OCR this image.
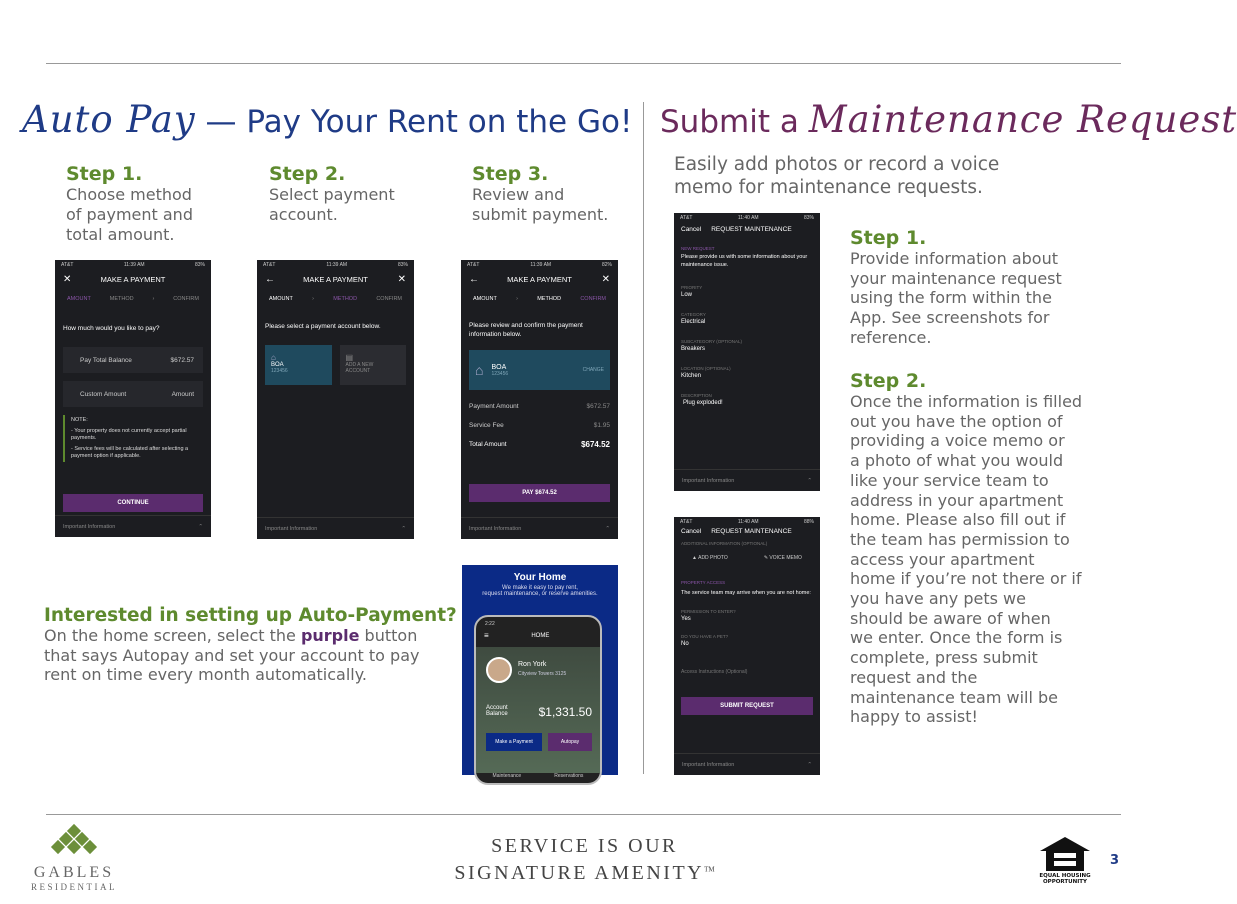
Auto Pay — Pay Your Rent on the Go!
Step 1.
Choose method
of payment and
total amount.
Step 2.
Select payment
account.
Step 3.
Review and
submit payment.
AT&T	11:39 AM	83%
✕	MAKE A PAYMENT
AMOUNT	METHOD	›	CONFIRM
How much would you like to pay?
Pay Total Balance	$672.57
Custom Amount	Amount
NOTE:
- Your property does not currently accept partial payments.
- Service fees will be calculated after selecting a payment option if applicable.
CONTINUE
Important Information	⌃
AT&T	11:39 AM	83%
←	MAKE A PAYMENT	✕
AMOUNT	›	METHOD	CONFIRM
Please select a payment account below.
⌂
BOA
123456
▤
ADD A NEW
ACCOUNT
Important Information	⌃
AT&T	11:39 AM	82%
←	MAKE A PAYMENT	✕
AMOUNT	›	METHOD	CONFIRM
Please review and confirm the payment information below.
⌂ BOA
123456
CHANGE
Payment Amount	$672.57
Service Fee	$1.95
Total Amount	$674.52
PAY $674.52
Important Information	⌃
Interested in setting up Auto-Payment?
On the home screen, select the purple button
that says Autopay and set your account to pay
rent on time every month automatically.
Your Home
We make it easy to pay rent,
request maintenance, or reserve amenities.
2:22
≡	HOME
Ron York
Cityview Towers 3125
Account
Balance	$1,331.50
Make a Payment	Autopay
Maintenance	Reservations
Submit a Maintenance Request
Easily add photos or record a voice
memo for maintenance requests.
AT&T	11:40 AM	83%
Cancel REQUEST MAINTENANCE
NEW REQUEST
Please provide us with some information about your maintenance issue.
PRIORITY
Low
CATEGORY
Electrical
SUBCATEGORY (OPTIONAL)
Breakers
LOCATION (OPTIONAL)
Kitchen
DESCRIPTION
Plug exploded!
Important Information	⌃
AT&T	11:40 AM	88%
Cancel REQUEST MAINTENANCE
ADDITIONAL INFORMATION (OPTIONAL)
▲ ADD PHOTO	✎ VOICE MEMO
PROPERTY ACCESS
The service team may arrive when you are not home:
PERMISSION TO ENTER?
Yes
DO YOU HAVE A PET?
No
Access Instructions (Optional)
SUBMIT REQUEST
Important Information	⌃
Step 1.
Provide information about
your maintenance request
using the form within the
App. See screenshots for
reference.
Step 2.
Once the information is filled
out you have the option of
providing a voice memo or
a photo of what you would
like your service team to
address in your apartment
home. Please also fill out if
the team has permission to
access your apartment
home if you’re not there or if
you have any pets we
should be aware of when
we enter. Once the form is
complete, press submit
request and the
maintenance team will be
happy to assist!
GABLES
RESIDENTIAL
SERVICE IS OUR
SIGNATURE AMENITY™
EQUAL HOUSING
OPPORTUNITY
3
